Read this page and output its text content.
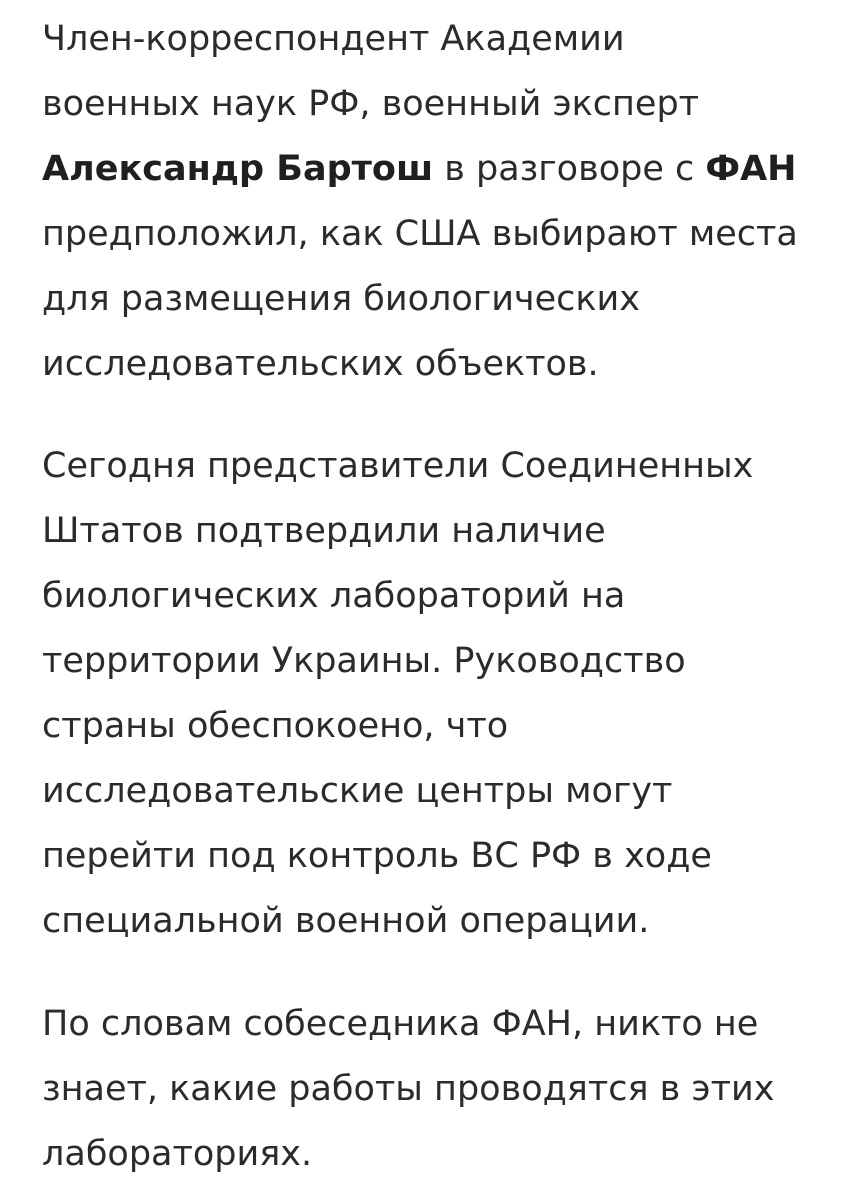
Член-корреспондент Академии
военных наук РФ, военный эксперт
Александр Бартош в разговоре с ФАН
предположил, как США выбирают места
для размещения биологических
исследовательских объектов.

Сегодня представители Соединенных
Штатов подтвердили наличие
биологических лабораторий на
территории Украины. Руководство
страны обеспокоено, что
исследовательские центры могут
перейти под контроль ВС РФ в ходе
специальной военной операции.

По словам собеседника ФАН, никто не
знает, какие работы проводятся в этих
лабораториях.
